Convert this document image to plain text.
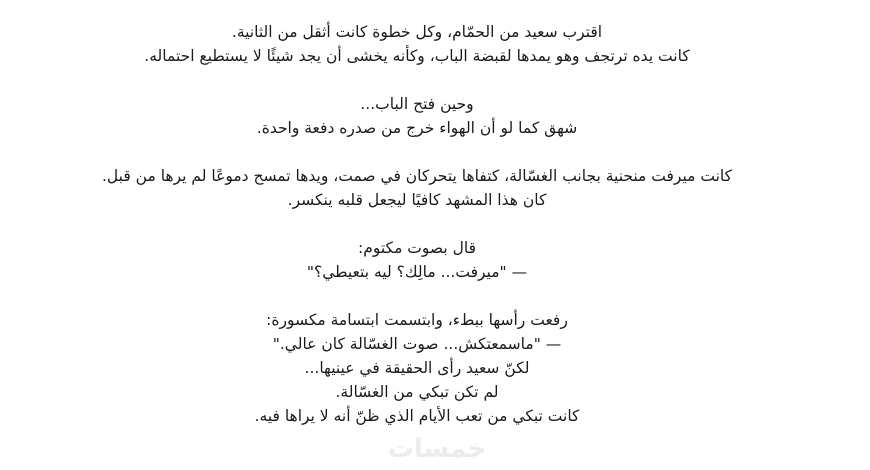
اقترب سعيد من الحمّام، وكل خطوة كانت أثقل من الثانية.
كانت يده ترتجف وهو يمدها لقبضة الباب، وكأنه يخشى أن يجد شيئًا لا يستطيع احتماله.

وحين فتح الباب...
شهق كما لو أن الهواء خرج من صدره دفعة واحدة.

كانت ميرفت منحنية بجانب الغسّالة، كتفاها يتحركان في صمت، ويدها تمسح دموعًا لم يرها من قبل.
كان هذا المشهد كافيًا ليجعل قلبه ينكسر.

قال بصوت مكتوم:
— "ميرفت... مالِك؟ ليه بتعيطي؟"

رفعت رأسها ببطء، وابتسمت ابتسامة مكسورة:
— "ماسمعتكش... صوت الغسّالة كان عالي."
لكنّ سعيد رأى الحقيقة في عينيها...
لم تكن تبكي من الغسّالة.
كانت تبكي من تعب الأيام الذي ظنّ أنه لا يراها فيه.

خمسات
